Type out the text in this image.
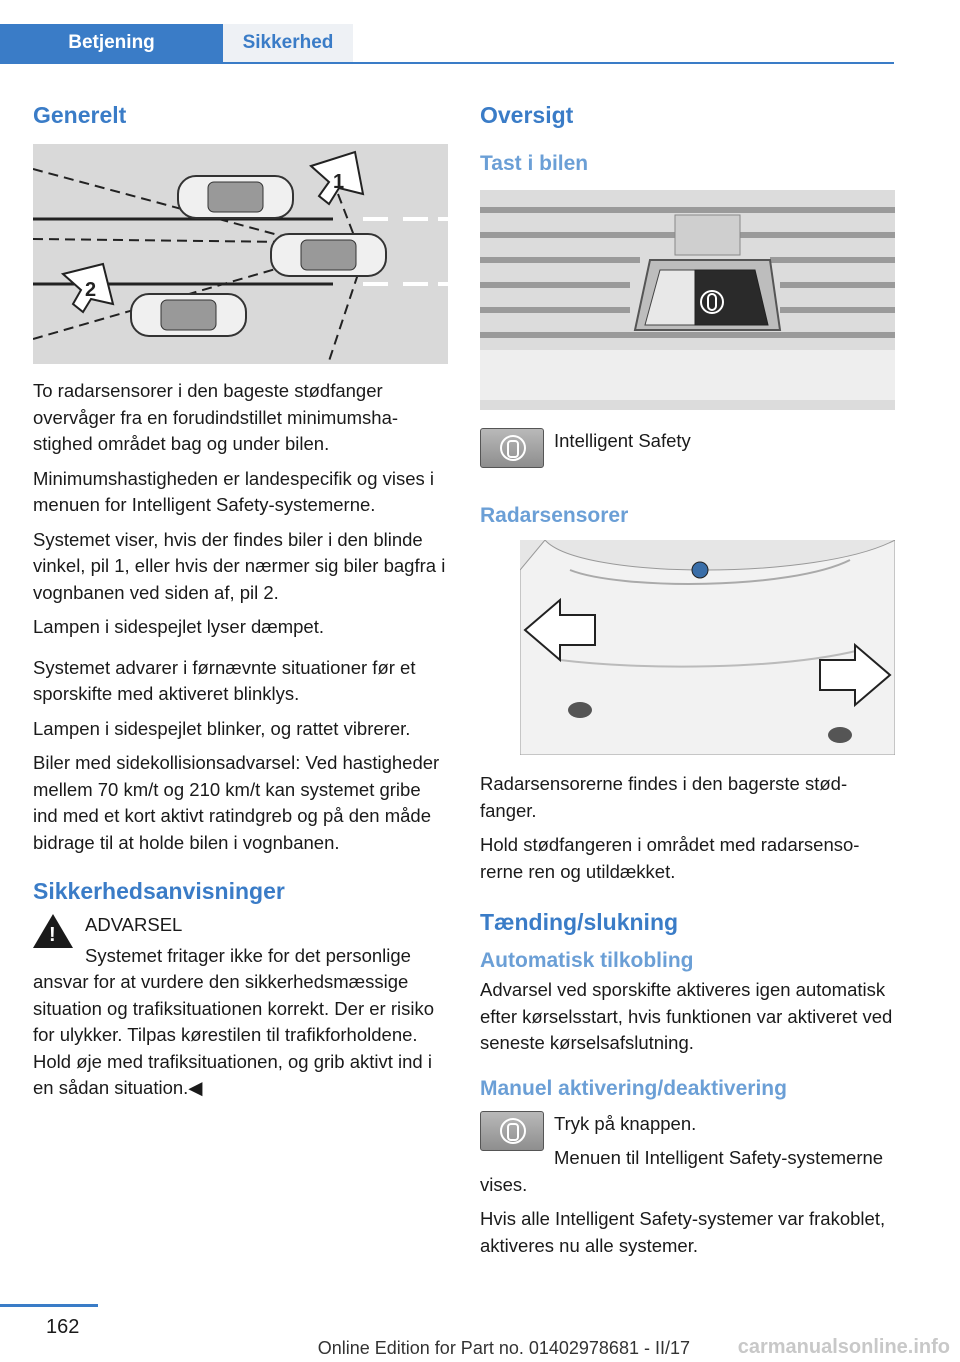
Betjening	Sikkerhed
Generelt
1
2

To radarsensorer i den bageste stødfanger overvåger fra en forudindstillet minimumshastighed området bag og under bilen.

Minimumshastigheden er landespecifik og vises i menuen for Intelligent Safety-systemerne.

Systemet viser, hvis der findes biler i den blinde vinkel, pil 1, eller hvis der nærmer sig biler bagfra i vognbanen ved siden af, pil 2.

Lampen i sidespejlet lyser dæmpet.

Systemet advarer i førnævnte situationer før et sporskifte med aktiveret blinklys.

Lampen i sidespejlet blinker, og rattet vibrerer.

Biler med sidekollisionsadvarsel: Ved hastigheder mellem 70 km/t og 210 km/t kan systemet gribe ind med et kort aktivt ratindgreb og på den måde bidrage til at holde bilen i vognbanen.

Sikkerhedsanvisninger
! ADVARSEL

Systemet fritager ikke for det personlige ansvar for at vurdere den sikkerhedsmæssige situation og trafiksituationen korrekt. Der er risiko for ulykker. Tilpas kørestilen til trafikforholdene. Hold øje med trafiksituationen, og grib aktivt ind i en sådan situation.◀

Oversigt
Tast i bilen

Intelligent Safety

Radarsensorer

Radarsensorerne findes i den bagerste stødfanger.

Hold stødfangeren i området med radarsensorerne ren og utildækket.

Tænding/slukning
Automatisk tilkobling

Advarsel ved sporskifte aktiveres igen automatisk efter kørselsstart, hvis funktionen var aktiveret ved seneste kørselsafslutning.

Manuel aktivering/deaktivering

Tryk på knappen.

Menuen til Intelligent Safety-systemerne vises.

Hvis alle Intelligent Safety-systemer var frakoblet, aktiveres nu alle systemer.

162
Online Edition for Part no. 01402978681 - II/17 carmanualsonline.info
